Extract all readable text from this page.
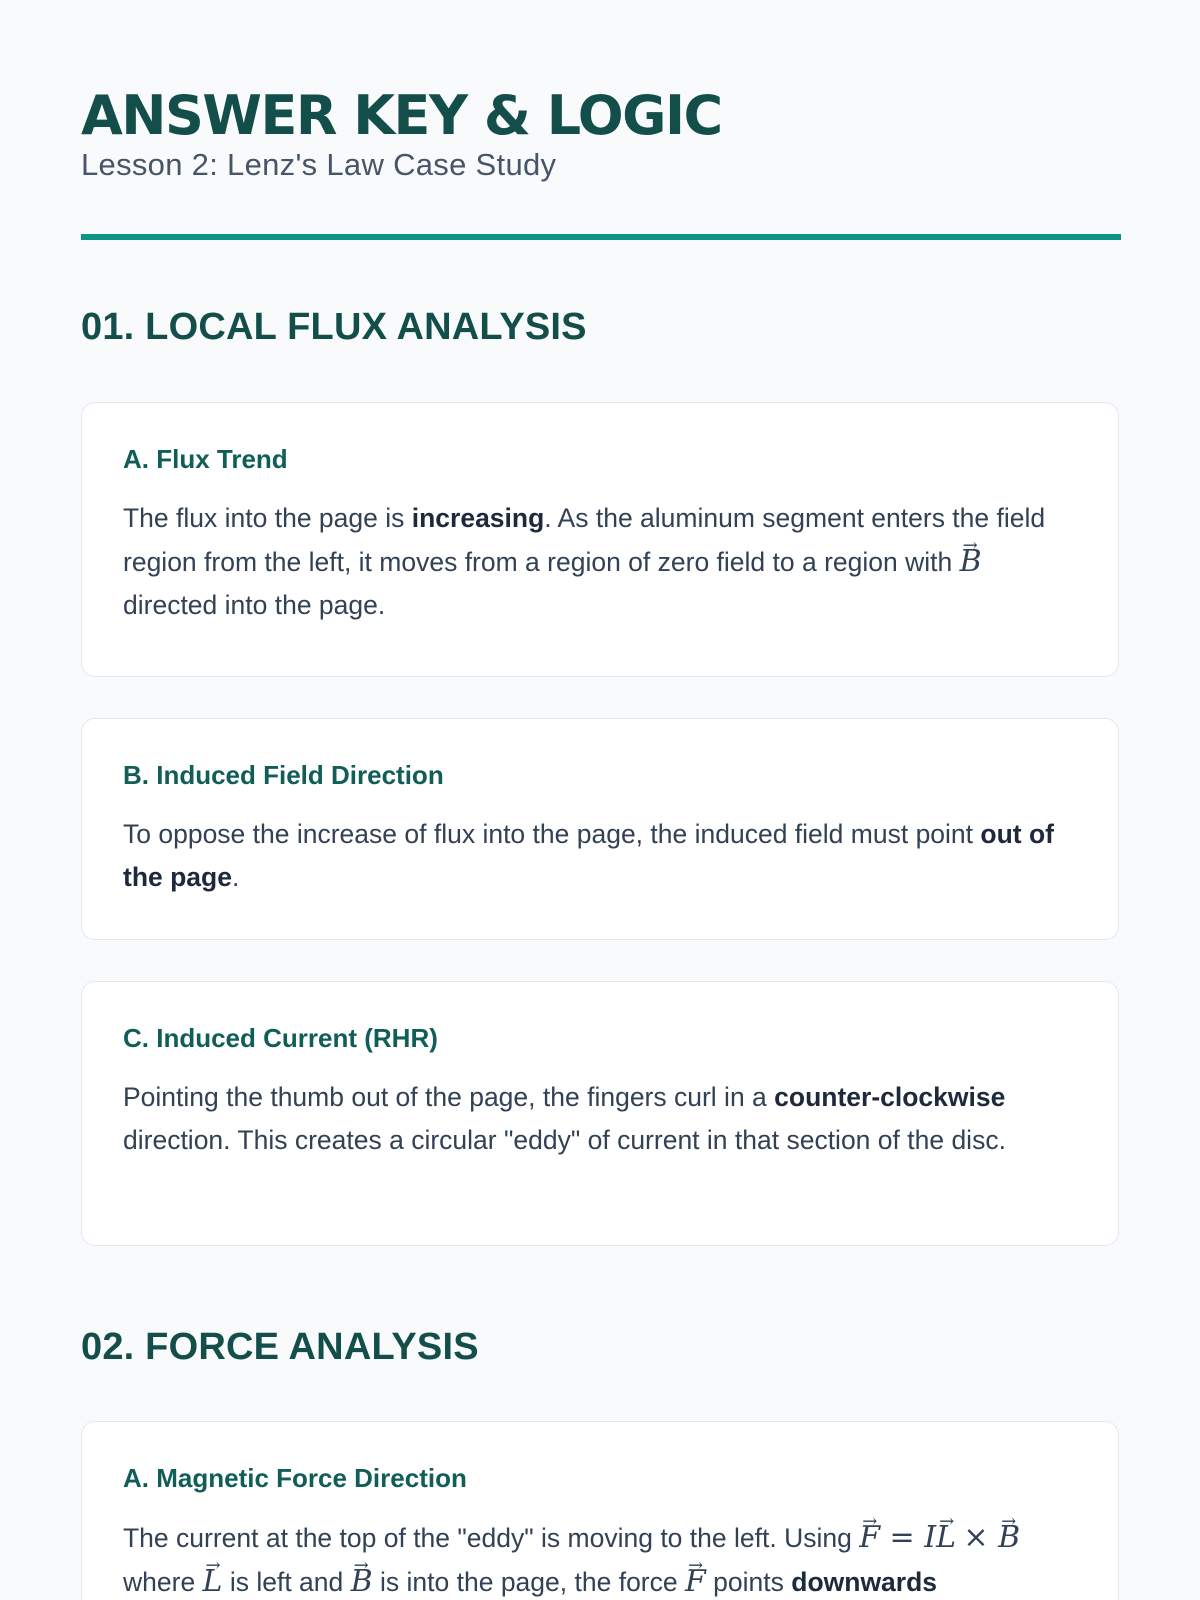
ANSWER KEY & LOGIC

Lesson 2: Lenz's Law Case Study

01. LOCAL FLUX ANALYSIS
A. Flux Trend

The flux into the page is increasing. As the aluminum segment enters the field region from the left, it moves from a region of zero field to a region with → B directed into the page.

B. Induced Field Direction

To oppose the increase of flux into the page, the induced field must point out of the page.

C. Induced Current (RHR)

Pointing the thumb out of the page, the fingers curl in a counter-clockwise direction. This creates a circular "eddy" of current in that section of the disc.

02. FORCE ANALYSIS
A. Magnetic Force Direction

The current at the top of the "eddy" is moving to the left. Using → F = I→ L × → B where → L is left and → B is into the page, the force → F points downwards
